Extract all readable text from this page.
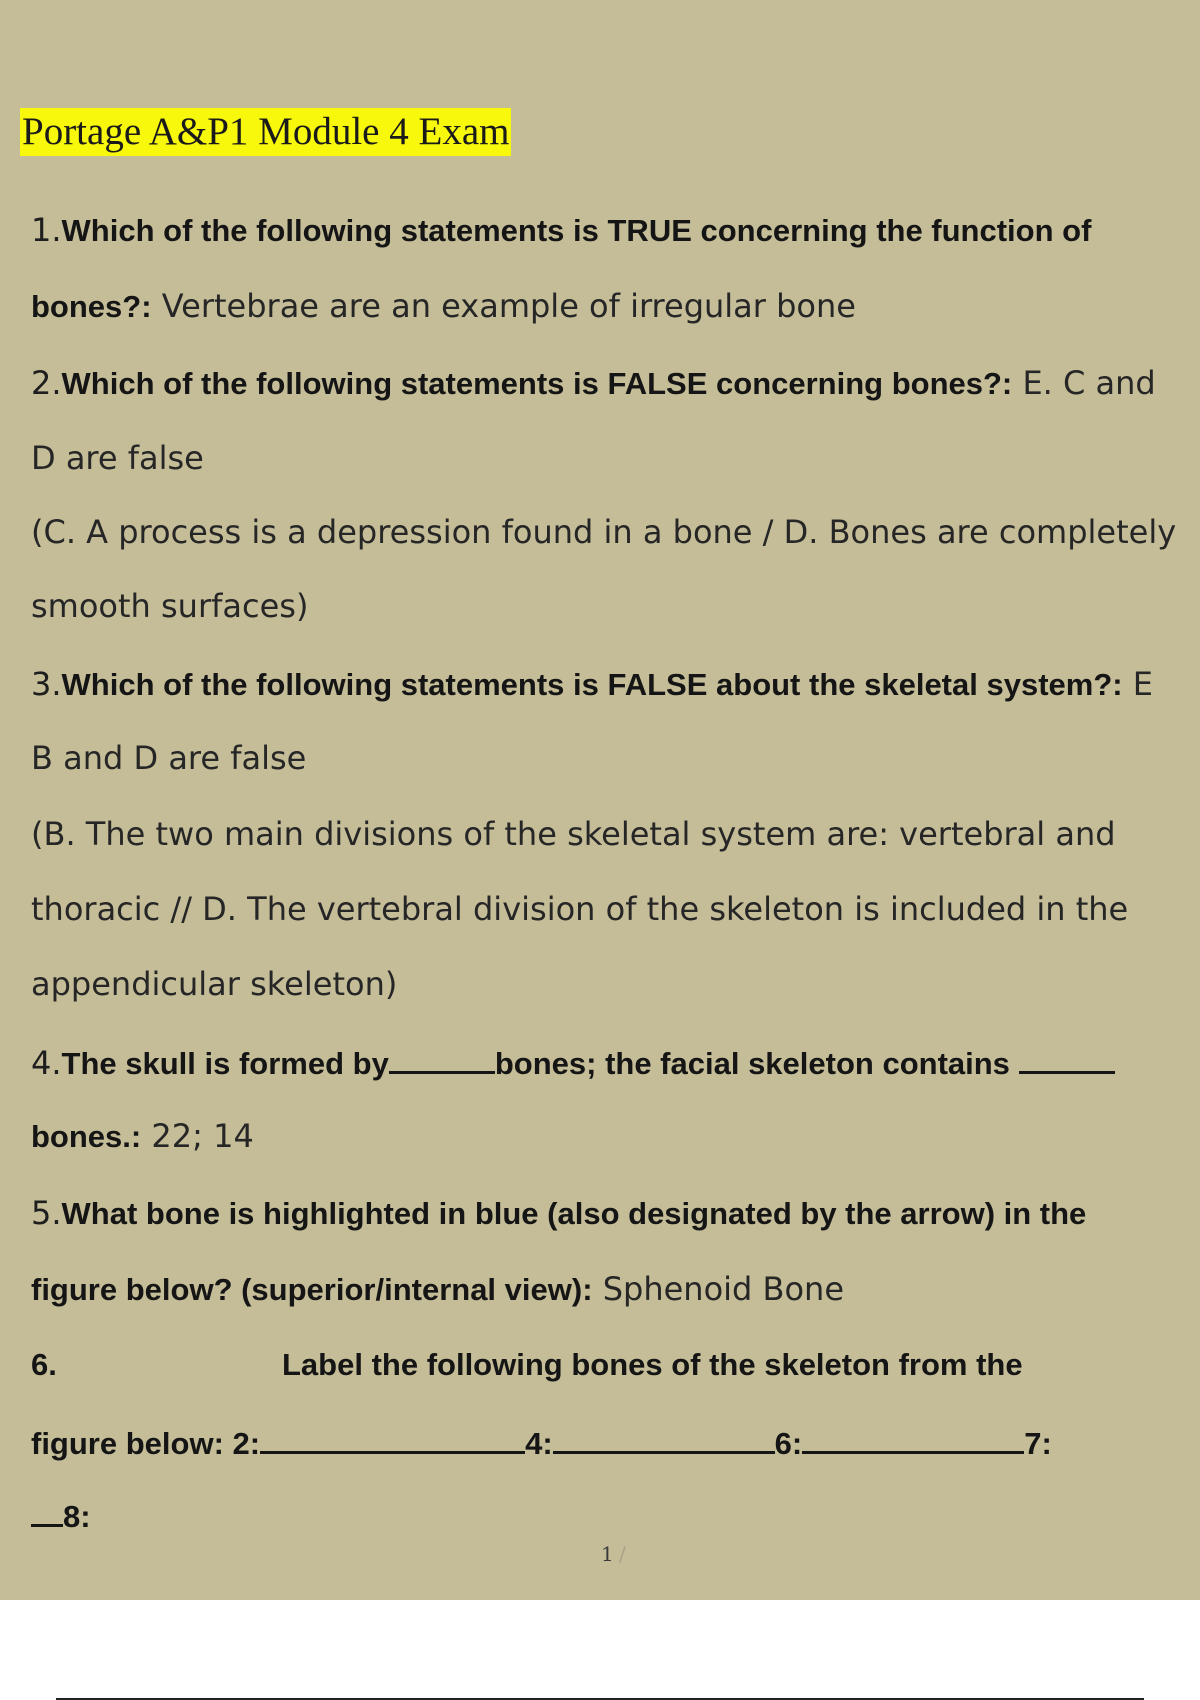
Portage A&P1 Module 4 Exam
1.Which of the following statements is TRUE concerning the function of
bones?: Vertebrae are an example of irregular bone
2.Which of the following statements is FALSE concerning bones?: E. C and
D are false
(C. A process is a depression found in a bone / D. Bones are completely
smooth surfaces)
3.Which of the following statements is FALSE about the skeletal system?: E
B and D are false
(B. The two main divisions of the skeletal system are: vertebral and
thoracic // D. The vertebral division of the skeleton is included in the
appendicular skeleton)
4.The skull is formed by	bones; the facial skeleton contains
bones.: 22; 14
5.What bone is highlighted in blue (also designated by the arrow) in the
figure below? (superior/internal view): Sphenoid Bone
6.	Label the following bones of the skeleton from the
figure below: 2:	4:	6:	7:
8:
1 /
